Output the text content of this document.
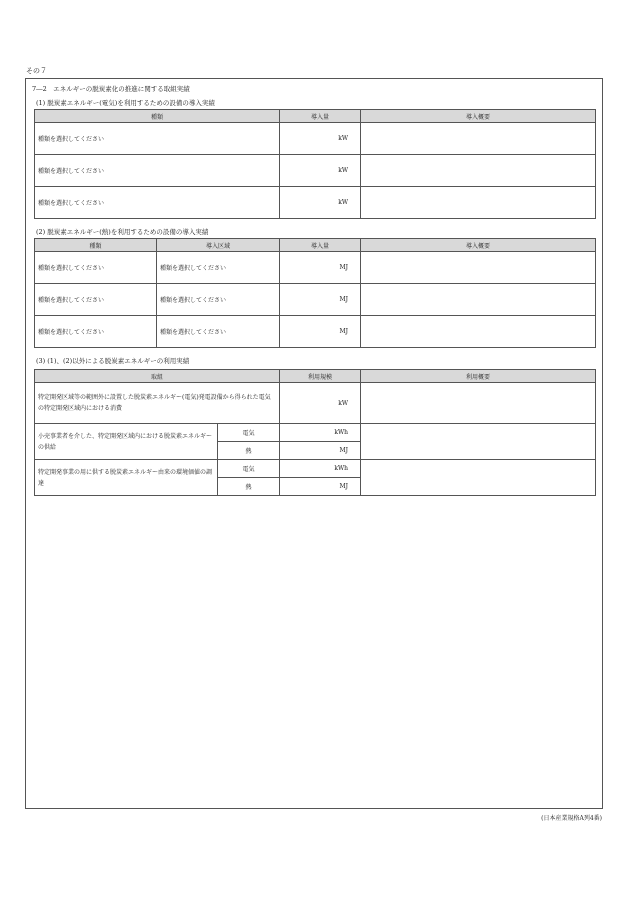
その７
7―2　エネルギーの脱炭素化の推進に関する取組実績
(1) 脱炭素エネルギー(電気)を利用するための設備の導入実績
種類	導入量	導入概要
種類を選択してください	kW	
種類を選択してください	kW	
種類を選択してください	kW	
(2) 脱炭素エネルギー(熱)を利用するための設備の導入実績
種類	導入区域	導入量	導入概要
種類を選択してください	種類を選択してください	MJ	
種類を選択してください	種類を選択してください	MJ	
種類を選択してください	種類を選択してください	MJ	
(3) (1)、(2)以外による脱炭素エネルギーの利用実績
取組		利用規模	利用概要
特定開発区域等の範囲外に設置した脱炭素エネルギー(電気)発電設備から得られた電気の特定開発区域内における消費		kW	
小売事業者を介した、特定開発区域内における脱炭素エネルギーの供給	電気	kWh	
	熱	MJ	
特定開発事業の用に供する脱炭素エネルギー由来の環境価値の調達	電気	kWh	
	熱	MJ	
(日本産業規格A列4番)
